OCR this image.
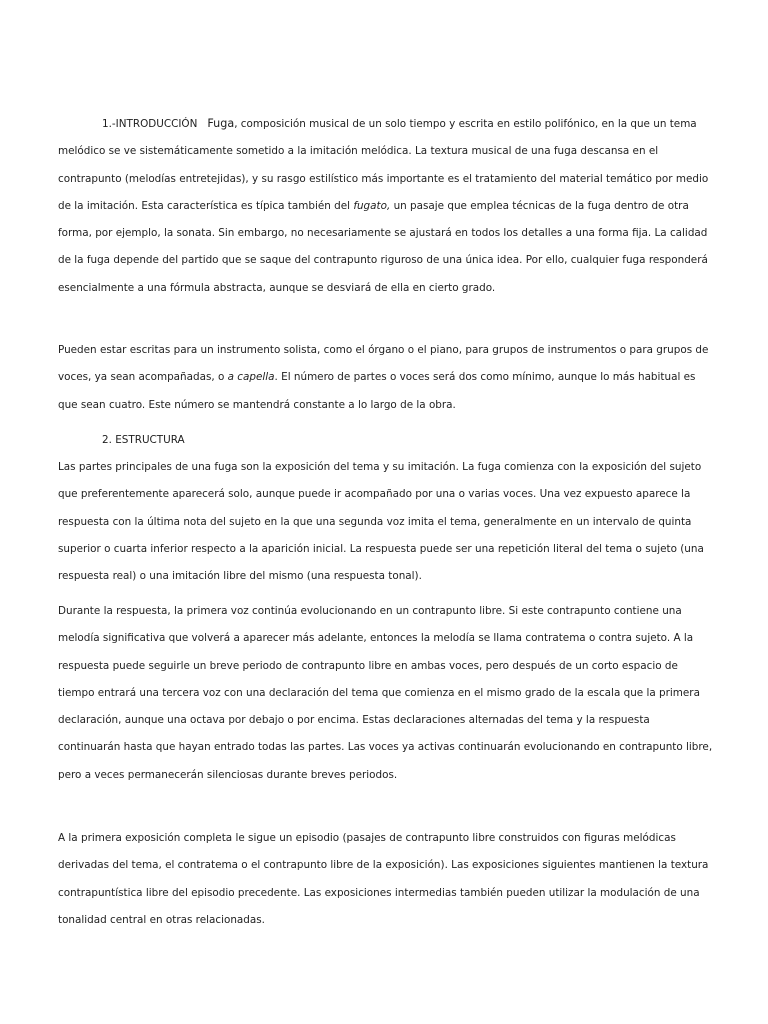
1.-INTRODUCCIÓN Fuga, composición musical de un solo tiempo y escrita en estilo polifónico, en la que un tema melódico se ve sistemáticamente sometido a la imitación melódica. La textura musical de una fuga descansa en el contrapunto (melodías entretejidas), y su rasgo estilístico más importante es el tratamiento del material temático por medio de la imitación. Esta característica es típica también del fugato, un pasaje que emplea técnicas de la fuga dentro de otra forma, por ejemplo, la sonata. Sin embargo, no necesariamente se ajustará en todos los detalles a una forma fija. La calidad de la fuga depende del partido que se saque del contrapunto riguroso de una única idea. Por ello, cualquier fuga responderá esencialmente a una fórmula abstracta, aunque se desviará de ella en cierto grado.

Pueden estar escritas para un instrumento solista, como el órgano o el piano, para grupos de instrumentos o para grupos de voces, ya sean acompañadas, o a capella. El número de partes o voces será dos como mínimo, aunque lo más habitual es que sean cuatro. Este número se mantendrá constante a lo largo de la obra.

2. ESTRUCTURA

Las partes principales de una fuga son la exposición del tema y su imitación. La fuga comienza con la exposición del sujeto que preferentemente aparecerá solo, aunque puede ir acompañado por una o varias voces. Una vez expuesto aparece la respuesta con la última nota del sujeto en la que una segunda voz imita el tema, generalmente en un intervalo de quinta superior o cuarta inferior respecto a la aparición inicial. La respuesta puede ser una repetición literal del tema o sujeto (una respuesta real) o una imitación libre del mismo (una respuesta tonal).

Durante la respuesta, la primera voz continúa evolucionando en un contrapunto libre. Si este contrapunto contiene una melodía significativa que volverá a aparecer más adelante, entonces la melodía se llama contratema o contra sujeto. A la respuesta puede seguirle un breve periodo de contrapunto libre en ambas voces, pero después de un corto espacio de tiempo entrará una tercera voz con una declaración del tema que comienza en el mismo grado de la escala que la primera declaración, aunque una octava por debajo o por encima. Estas declaraciones alternadas del tema y la respuesta continuarán hasta que hayan entrado todas las partes. Las voces ya activas continuarán evolucionando en contrapunto libre, pero a veces permanecerán silenciosas durante breves periodos.

A la primera exposición completa le sigue un episodio (pasajes de contrapunto libre construidos con figuras melódicas derivadas del tema, el contratema o el contrapunto libre de la exposición). Las exposiciones siguientes mantienen la textura contrapuntística libre del episodio precedente. Las exposiciones intermedias también pueden utilizar la modulación de una tonalidad central en otras relacionadas.
